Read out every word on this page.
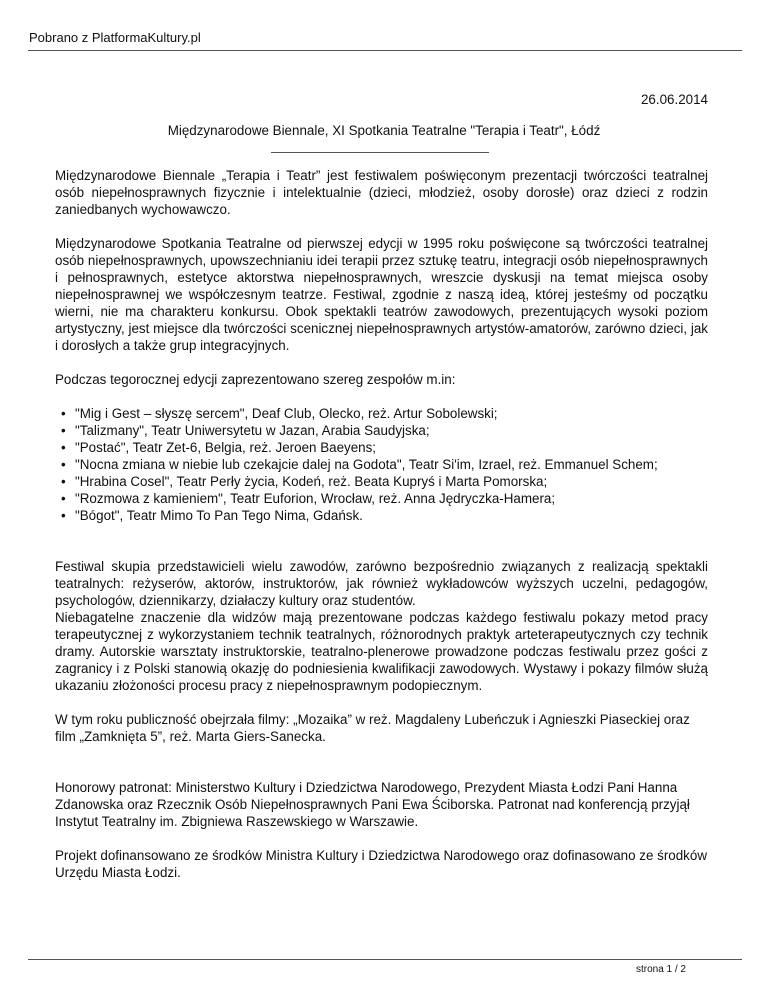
Pobrano z PlatformaKultury.pl
26.06.2014
Międzynarodowe Biennale, XI Spotkania Teatralne "Terapia i Teatr", Łódź

Międzynarodowe Biennale „Terapia i Teatr” jest festiwalem poświęconym prezentacji twórczości teatralnej osób niepełnosprawnych fizycznie i intelektualnie (dzieci, młodzież, osoby dorosłe) oraz dzieci z rodzin zaniedbanych wychowawczo.

Międzynarodowe Spotkania Teatralne od pierwszej edycji w 1995 roku poświęcone są twórczości teatralnej osób niepełnosprawnych, upowszechnianiu idei terapii przez sztukę teatru, integracji osób niepełnosprawnych i pełnosprawnych, estetyce aktorstwa niepełnosprawnych, wreszcie dyskusji na temat miejsca osoby niepełnosprawnej we współczesnym teatrze. Festiwal, zgodnie z naszą ideą, której jesteśmy od początku wierni, nie ma charakteru konkursu. Obok spektakli teatrów zawodowych, prezentujących wysoki poziom artystyczny, jest miejsce dla twórczości scenicznej niepełnosprawnych artystów-amatorów, zarówno dzieci, jak i dorosłych a także grup integracyjnych.

Podczas tegorocznej edycji zaprezentowano szereg zespołów m.in:

• "Mig i Gest – słyszę sercem", Deaf Club, Olecko, reż. Artur Sobolewski;
• "Talizmany", Teatr Uniwersytetu w Jazan, Arabia Saudyjska;
• "Postać", Teatr Zet-6, Belgia, reż. Jeroen Baeyens;
• "Nocna zmiana w niebie lub czekajcie dalej na Godota", Teatr Si'im, Izrael, reż. Emmanuel Schem;
• "Hrabina Cosel", Teatr Perły życia, Kodeń, reż. Beata Kupryś i Marta Pomorska;
• "Rozmowa z kamieniem", Teatr Euforion, Wrocław, reż. Anna Jędryczka-Hamera;
• "Bógot", Teatr Mimo To Pan Tego Nima, Gdańsk.

Festiwal skupia przedstawicieli wielu zawodów, zarówno bezpośrednio związanych z realizacją spektakli teatralnych: reżyserów, aktorów, instruktorów, jak również wykładowców wyższych uczelni, pedagogów, psychologów, dziennikarzy, działaczy kultury oraz studentów.

Niebagatelne znaczenie dla widzów mają prezentowane podczas każdego festiwalu pokazy metod pracy terapeutycznej z wykorzystaniem technik teatralnych, różnorodnych praktyk arteterapeutycznych czy technik dramy. Autorskie warsztaty instruktorskie, teatralno-plenerowe prowadzone podczas festiwalu przez gości z zagranicy i z Polski stanowią okazję do podniesienia kwalifikacji zawodowych. Wystawy i pokazy filmów służą ukazaniu złożoności procesu pracy z niepełnosprawnym podopiecznym.

W tym roku publiczność obejrzała filmy: „Mozaika” w reż. Magdaleny Lubeńczuk i Agnieszki Piaseckiej oraz film „Zamknięta 5”, reż. Marta Giers-Sanecka.

Honorowy patronat: Ministerstwo Kultury i Dziedzictwa Narodowego, Prezydent Miasta Łodzi Pani Hanna Zdanowska oraz Rzecznik Osób Niepełnosprawnych Pani Ewa Ściborska. Patronat nad konferencją przyjął Instytut Teatralny im. Zbigniewa Raszewskiego w Warszawie.

Projekt dofinansowano ze środków Ministra Kultury i Dziedzictwa Narodowego oraz dofinasowano ze środków Urzędu Miasta Łodzi.

strona 1 / 2
